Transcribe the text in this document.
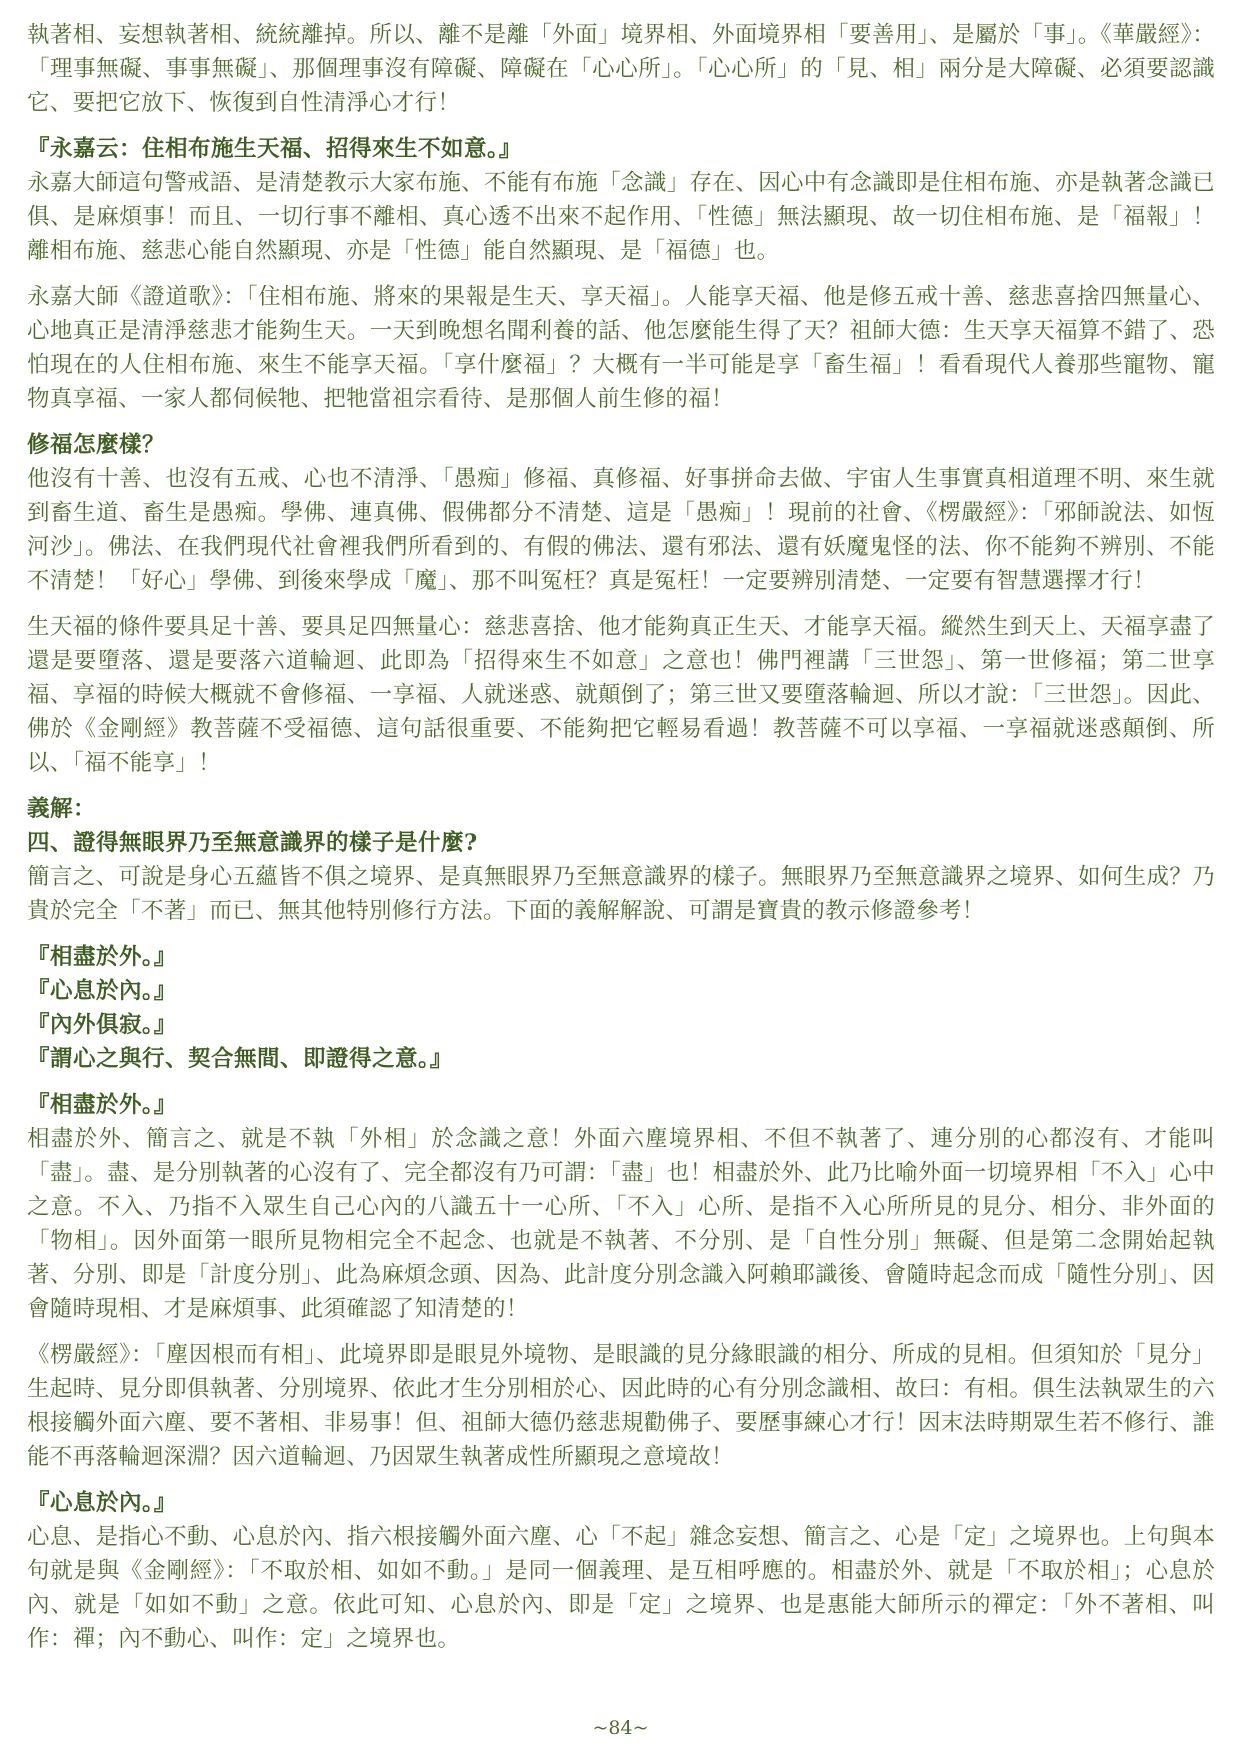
執著相、妄想執著相、統統離掉。所以、離不是離「外面」境界相、外面境界相「要善用」、是屬於「事」。《華嚴經》：「理事無礙、事事無礙」、那個理事沒有障礙、障礙在「心心所」。「心心所」的「見、相」兩分是大障礙、必須要認識它、要把它放下、恢復到自性清淨心才行！

『永嘉云：住相布施生天福、招得來生不如意。』

永嘉大師這句警戒語、是清楚教示大家布施、不能有布施「念識」存在、因心中有念識即是住相布施、亦是執著念識已俱、是麻煩事！而且、一切行事不離相、真心透不出來不起作用、「性德」無法顯現、故一切住相布施、是「福報」！離相布施、慈悲心能自然顯現、亦是「性德」能自然顯現、是「福德」也。

永嘉大師《證道歌》：「住相布施、將來的果報是生天、享天福」。人能享天福、他是修五戒十善、慈悲喜捨四無量心、心地真正是清淨慈悲才能夠生天。一天到晚想名聞利養的話、他怎麼能生得了天？祖師大德：生天享天福算不錯了、恐怕現在的人住相布施、來生不能享天福。「享什麼福」？大概有一半可能是享「畜生福」！看看現代人養那些寵物、寵物真享福、一家人都伺候牠、把牠當祖宗看待、是那個人前生修的福！

修福怎麼樣？

他沒有十善、也沒有五戒、心也不清淨、「愚痴」修福、真修福、好事拼命去做、宇宙人生事實真相道理不明、來生就到畜生道、畜生是愚痴。學佛、連真佛、假佛都分不清楚、這是「愚痴」！現前的社會、《楞嚴經》：「邪師說法、如恆河沙」。佛法、在我們現代社會裡我們所看到的、有假的佛法、還有邪法、還有妖魔鬼怪的法、你不能夠不辨別、不能不清楚！「好心」學佛、到後來學成「魔」、那不叫冤枉？真是冤枉！一定要辨別清楚、一定要有智慧選擇才行！

生天福的條件要具足十善、要具足四無量心：慈悲喜捨、他才能夠真正生天、才能享天福。縱然生到天上、天福享盡了還是要墮落、還是要落六道輪迴、此即為「招得來生不如意」之意也！佛門裡講「三世怨」、第一世修福；第二世享福、享福的時候大概就不會修福、一享福、人就迷惑、就顛倒了；第三世又要墮落輪迴、所以才說：「三世怨」。因此、佛於《金剛經》教菩薩不受福德、這句話很重要、不能夠把它輕易看過！教菩薩不可以享福、一享福就迷惑顛倒、所以、「福不能享」！

義解：
四、證得無眼界乃至無意識界的樣子是什麼?

簡言之、可說是身心五蘊皆不俱之境界、是真無眼界乃至無意識界的樣子。無眼界乃至無意識界之境界、如何生成？乃貴於完全「不著」而已、無其他特別修行方法。下面的義解解說、可謂是寶貴的教示修證參考！

『相盡於外。』
『心息於內。』
『內外俱寂。』
『謂心之與行、契合無間、即證得之意。』
『相盡於外。』

相盡於外、簡言之、就是不執「外相」於念識之意！外面六塵境界相、不但不執著了、連分別的心都沒有、才能叫「盡」。盡、是分別執著的心沒有了、完全都沒有乃可謂：「盡」也！相盡於外、此乃比喻外面一切境界相「不入」心中之意。不入、乃指不入眾生自己心內的八識五十一心所、「不入」心所、是指不入心所所見的見分、相分、非外面的「物相」。因外面第一眼所見物相完全不起念、也就是不執著、不分別、是「自性分別」無礙、但是第二念開始起執著、分別、即是「計度分別」、此為麻煩念頭、因為、此計度分別念識入阿賴耶識後、會隨時起念而成「隨性分別」、因會隨時現相、才是麻煩事、此須確認了知清楚的！

《楞嚴經》：「塵因根而有相」、此境界即是眼見外境物、是眼識的見分緣眼識的相分、所成的見相。但須知於「見分」生起時、見分即俱執著、分別境界、依此才生分別相於心、因此時的心有分別念識相、故曰：有相。俱生法執眾生的六根接觸外面六塵、要不著相、非易事！但、祖師大德仍慈悲規勸佛子、要歷事練心才行！因末法時期眾生若不修行、誰能不再落輪迴深淵？因六道輪迴、乃因眾生執著成性所顯現之意境故！

『心息於內。』

心息、是指心不動、心息於內、指六根接觸外面六塵、心「不起」雜念妄想、簡言之、心是「定」之境界也。上句與本句就是與《金剛經》：「不取於相、如如不動。」是同一個義理、是互相呼應的。相盡於外、就是「不取於相」；心息於內、就是「如如不動」之意。依此可知、心息於內、即是「定」之境界、也是惠能大師所示的禪定：「外不著相、叫作：禪；內不動心、叫作：定」之境界也。

~84~
